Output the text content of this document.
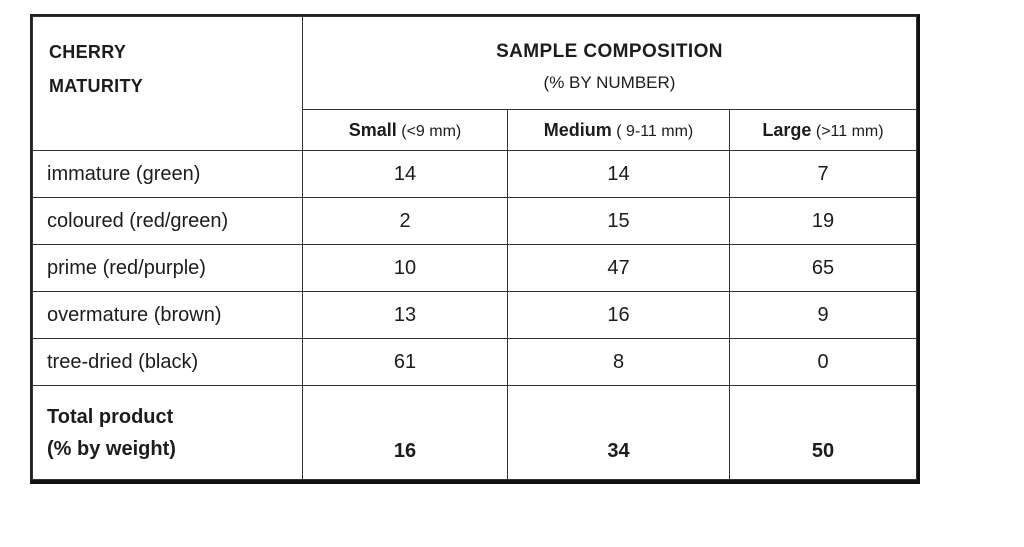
CHERRY
MATURITY	SAMPLE COMPOSITION
(% BY NUMBER)		

	Small (<9 mm)	Medium ( 9-11 mm)	Large (>11 mm)
immature (green)	14	14	7
coloured (red/green)	2	15	19
prime (red/purple)	10	47	65
overmature (brown)	13	16	9
tree-dried (black)	61	8	0

Total product
(% by weight)	16	34	50
